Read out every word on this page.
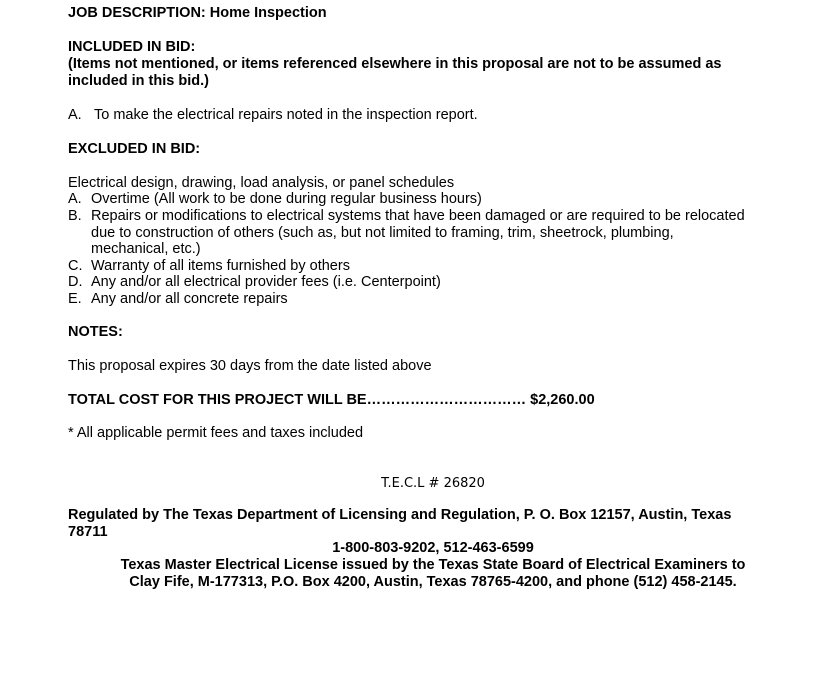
JOB DESCRIPTION: Home Inspection
INCLUDED IN BID:
(Items not mentioned, or items referenced elsewhere in this proposal are not to be assumed as
included in this bid.)
A. To make the electrical repairs noted in the inspection report.
EXCLUDED IN BID:
Electrical design, drawing, load analysis, or panel schedules
A. Overtime (All work to be done during regular business hours)
B. Repairs or modifications to electrical systems that have been damaged or are required to be relocated
due to construction of others (such as, but not limited to framing, trim, sheetrock, plumbing,
mechanical, etc.)
C. Warranty of all items furnished by others
D. Any and/or all electrical provider fees (i.e. Centerpoint)
E. Any and/or all concrete repairs
NOTES:
This proposal expires 30 days from the date listed above
TOTAL COST FOR THIS PROJECT WILL BE…………………………… $2,260.00
* All applicable permit fees and taxes included
T.E.C.L # 26820
Regulated by The Texas Department of Licensing and Regulation, P. O. Box 12157, Austin, Texas
78711
1-800-803-9202, 512-463-6599
Texas Master Electrical License issued by the Texas State Board of Electrical Examiners to
Clay Fife, M-177313, P.O. Box 4200, Austin, Texas 78765-4200, and phone (512) 458-2145.
